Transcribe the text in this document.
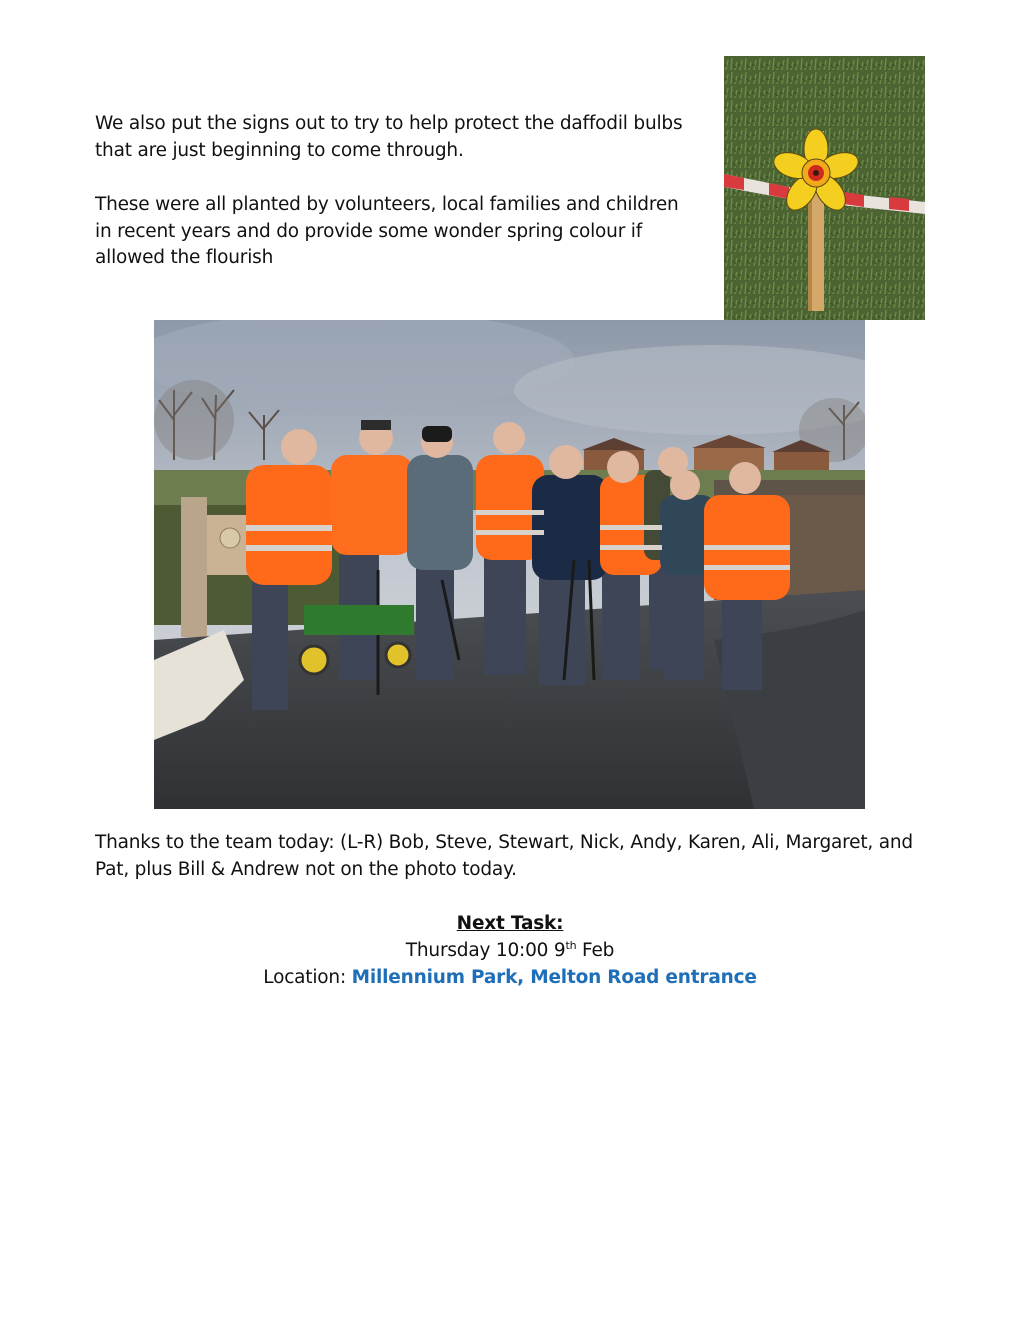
We also put the signs out to try to help protect the daffodil bulbs that are just beginning to come through.

These were all planted by volunteers, local families and children in recent years and do provide some wonder spring colour if allowed the flourish

Thanks to the team today: (L-R) Bob, Steve, Stewart, Nick, Andy, Karen, Ali, Margaret, and Pat, plus Bill & Andrew not on the photo today.

Next Task:
Thursday 10:00 9th Feb
Location: Millennium Park, Melton Road entrance
